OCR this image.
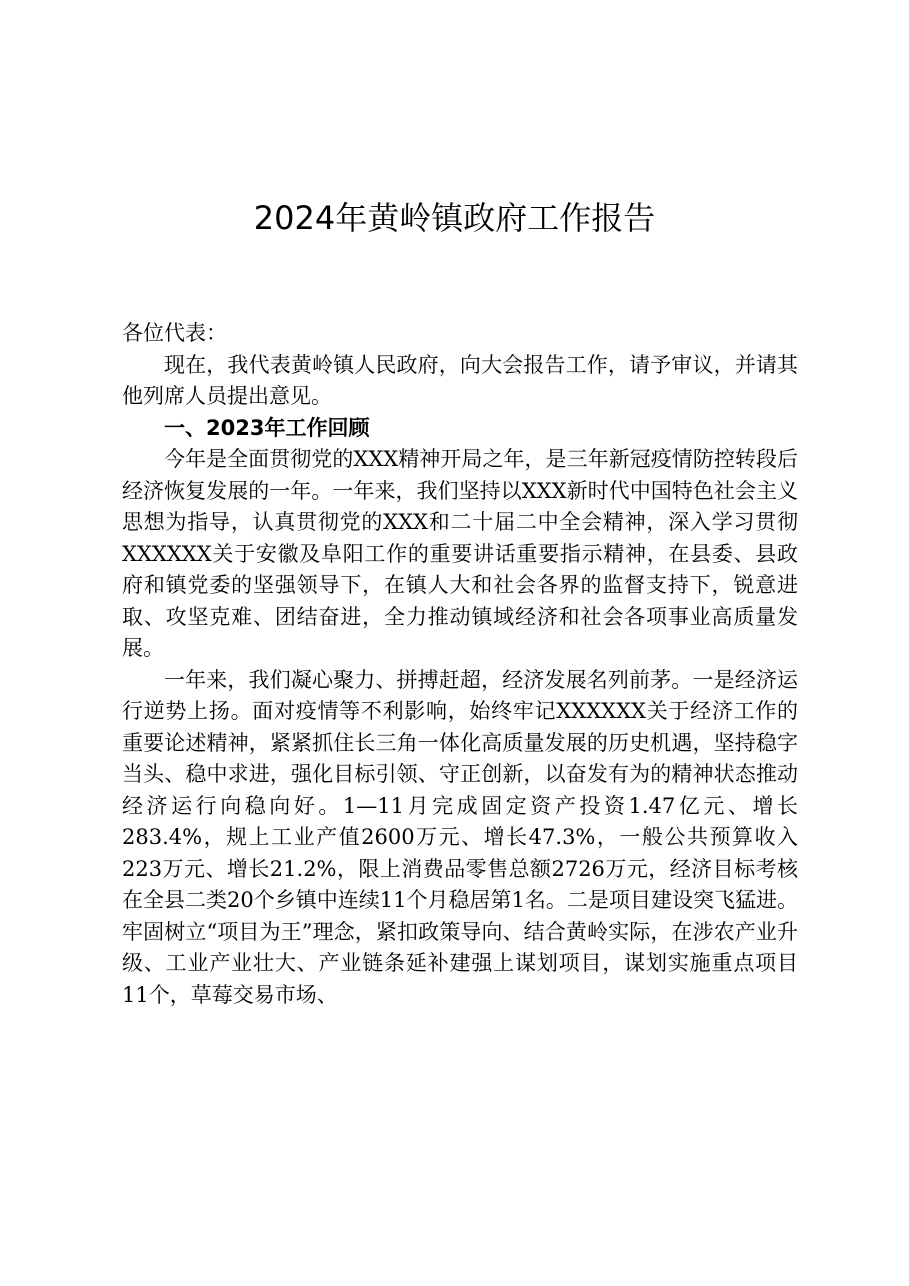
2024年黄岭镇政府工作报告

各位代表：

现在，我代表黄岭镇人民政府，向大会报告工作，请予审议，并请其他列席人员提出意见。

一、2023年工作回顾

今年是全面贯彻党的XXX精神开局之年，是三年新冠疫情防控转段后经济恢复发展的一年。一年来，我们坚持以XXX新时代中国特色社会主义思想为指导，认真贯彻党的XXX和二十届二中全会精神，深入学习贯彻XXXXXX关于安徽及阜阳工作的重要讲话重要指示精神，在县委、县政府和镇党委的坚强领导下，在镇人大和社会各界的监督支持下，锐意进取、攻坚克难、团结奋进，全力推动镇域经济和社会各项事业高质量发展。

一年来，我们凝心聚力、拼搏赶超，经济发展名列前茅。一是经济运行逆势上扬。面对疫情等不利影响，始终牢记XXXXXX关于经济工作的重要论述精神，紧紧抓住长三角一体化高质量发展的历史机遇，坚持稳字当头、稳中求进，强化目标引领、守正创新，以奋发有为的精神状态推动经济运行向稳向好。1—11月完成固定资产投资1.47亿元、增长283.4%，规上工业产值2600万元、增长47.3%，一般公共预算收入223万元、增长21.2%，限上消费品零售总额2726万元，经济目标考核在全县二类20个乡镇中连续11个月稳居第1名。二是项目建设突飞猛进。牢固树立“项目为王”理念，紧扣政策导向、结合黄岭实际，在涉农产业升级、工业产业壮大、产业链条延补建强上谋划项目，谋划实施重点项目11个，草莓交易市场、
